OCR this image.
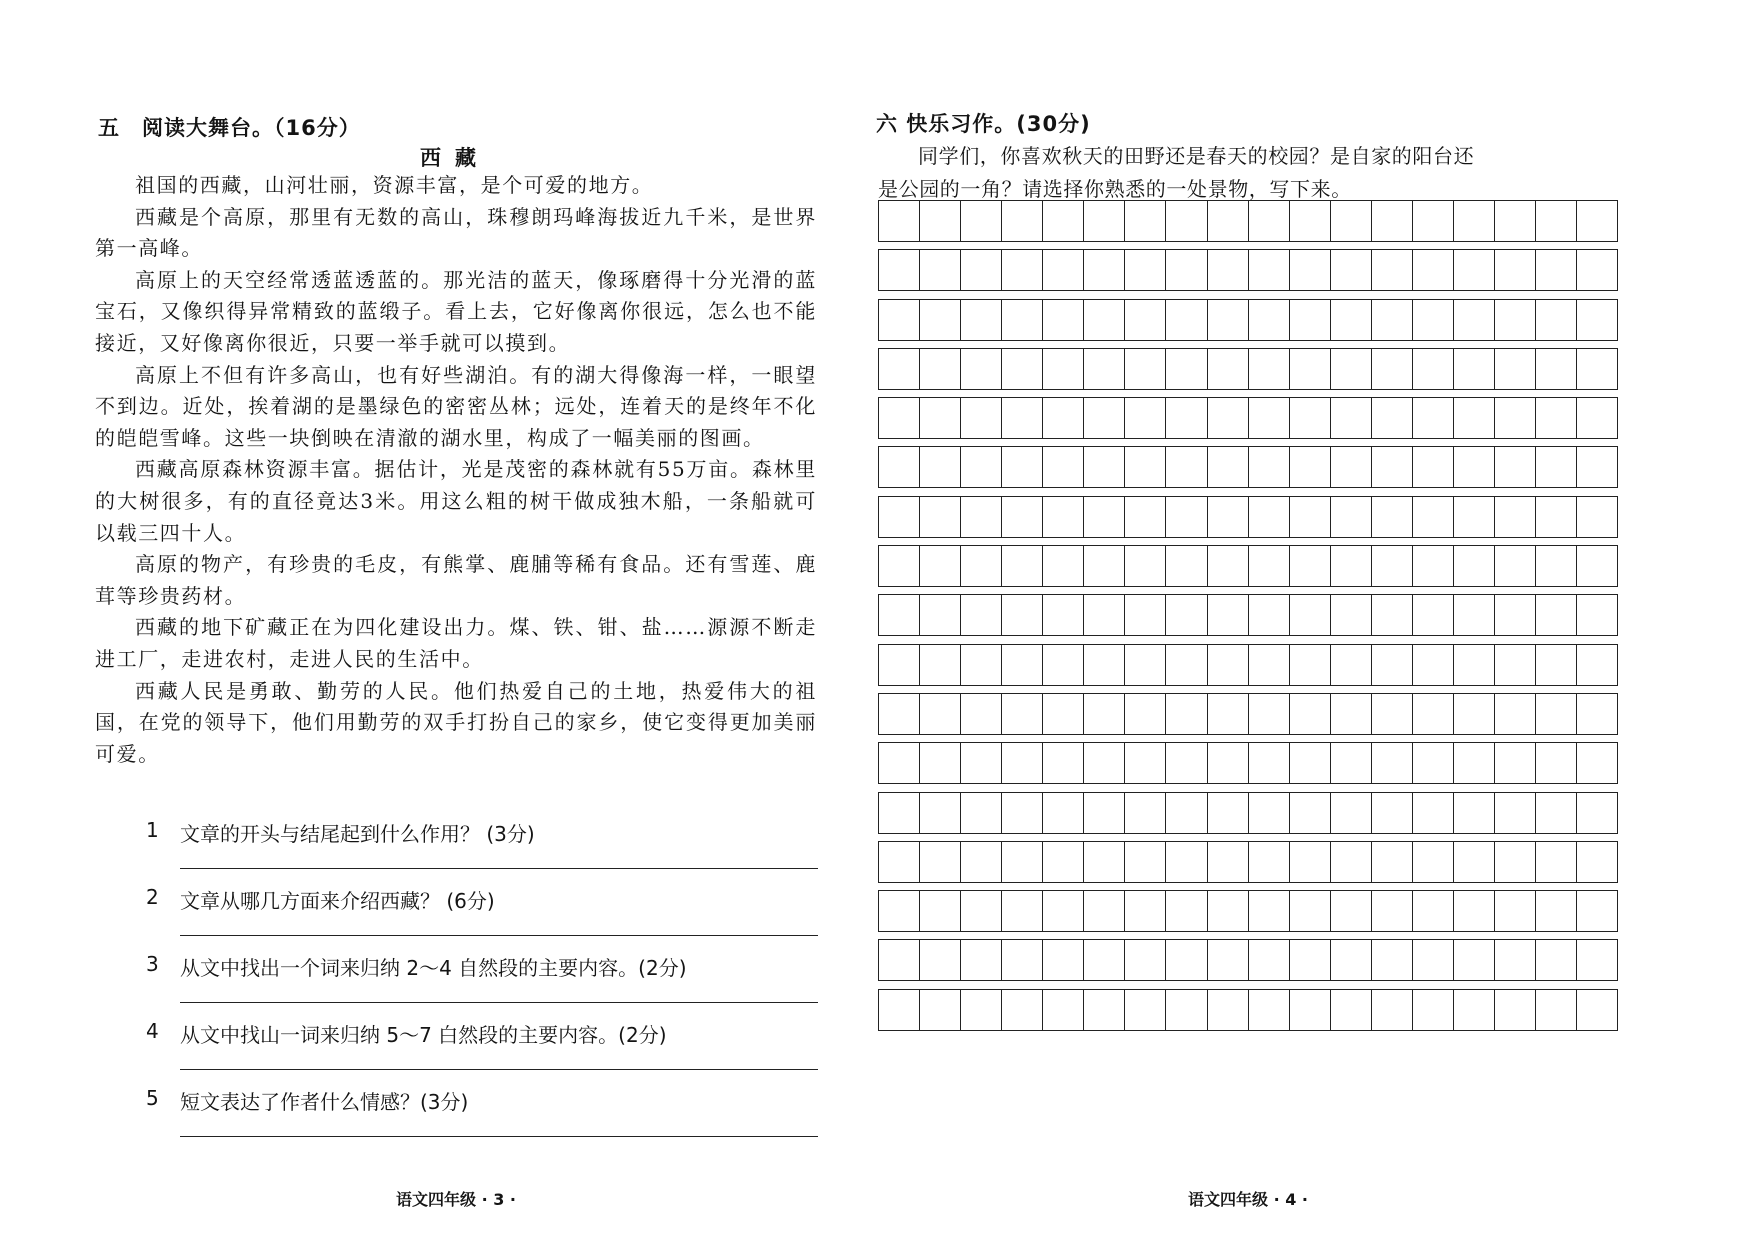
五　阅读大舞台。（16分）
西藏

祖国的西藏，山河壮丽，资源丰富，是个可爱的地方。

西藏是个高原，那里有无数的高山，珠穆朗玛峰海拔近九千米，是世界第一高峰。

高原上的天空经常透蓝透蓝的。那光洁的蓝天，像琢磨得十分光滑的蓝宝石，又像织得异常精致的蓝缎子。看上去，它好像离你很远，怎么也不能接近，又好像离你很近，只要一举手就可以摸到。

高原上不但有许多高山，也有好些湖泊。有的湖大得像海一样，一眼望不到边。近处，挨着湖的是墨绿色的密密丛林；远处，连着天的是终年不化的皑皑雪峰。这些一块倒映在清澈的湖水里，构成了一幅美丽的图画。

西藏高原森林资源丰富。据估计，光是茂密的森林就有55万亩。森林里的大树很多，有的直径竟达3米。用这么粗的树干做成独木船，一条船就可以载三四十人。

高原的物产，有珍贵的毛皮，有熊掌、鹿脯等稀有食品。还有雪莲、鹿茸等珍贵药材。

西藏的地下矿藏正在为四化建设出力。煤、铁、钳、盐……源源不断走进工厂，走进农村，走进人民的生活中。

西藏人民是勇敢、勤劳的人民。他们热爱自己的土地，热爱伟大的祖国，在党的领导下，他们用勤劳的双手打扮自己的家乡，使它变得更加美丽可爱。

1 文章的开头与结尾起到什么作用？ (3分)
2 文章从哪几方面来介绍西藏？ (6分)
3 从文中找出一个词来归纳 2～4 自然段的主要内容。(2分)
4 从文中找山一词来归纳 5～7 白然段的主要内容。(2分)
5 短文表达了作者什么情感？(3分)
语文四年级 · 3 ·
六 快乐习作。(30分)

同学们，你喜欢秋天的田野还是春天的校园？是自家的阳台还是公园的一角？请选择你熟悉的一处景物，写下来。

语文四年级 · 4 ·
